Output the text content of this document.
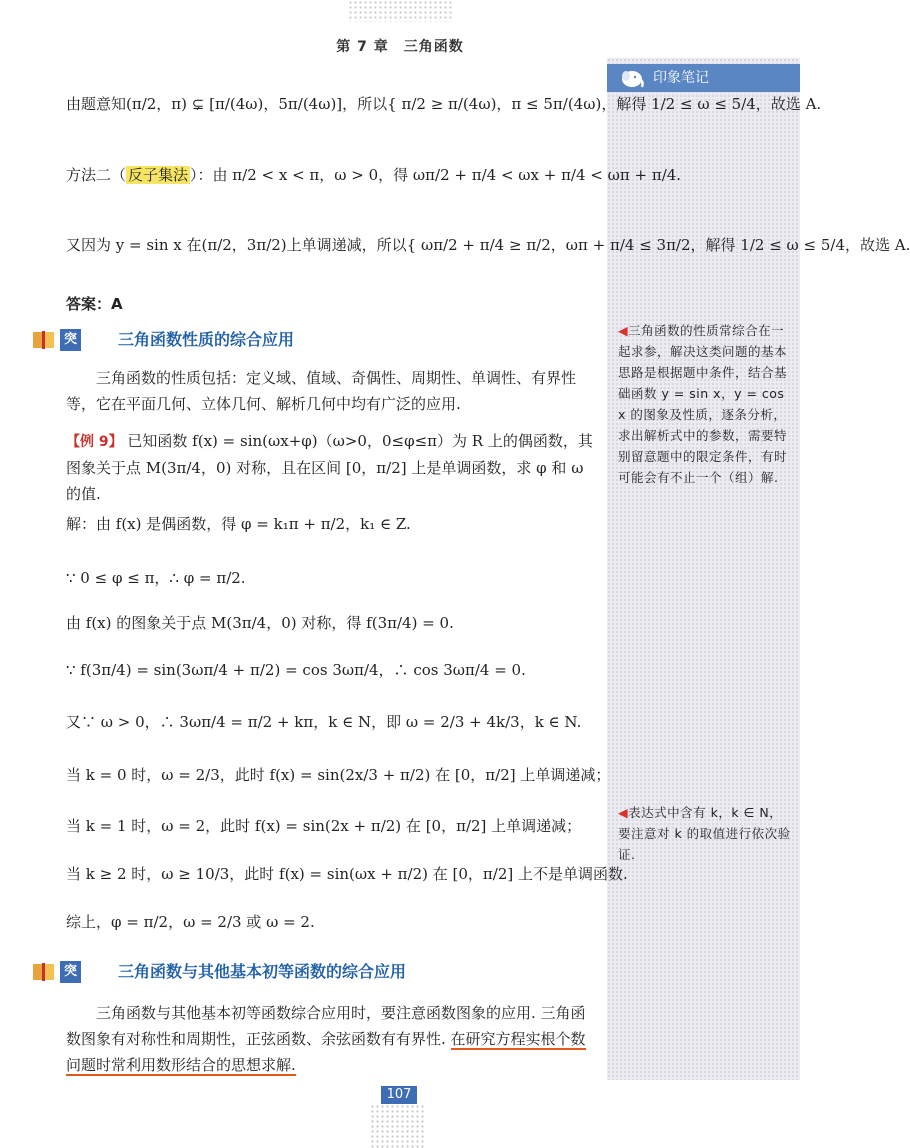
第 7 章　三角函数
印象笔记
◀三角函数的性质常综合在一起求参，解决这类问题的基本思路是根据题中条件，结合基础函数 y = sin x，y = cos x 的图象及性质，逐条分析，求出解析式中的参数，需要特别留意题中的限定条件，有时可能会有不止一个（组）解.
◀表达式中含有 k，k ∈ N，要注意对 k 的取值进行依次验证.
由题意知(π/2，π) ⊊ [π/(4ω)，5π/(4ω)]，所以{ π/2 ≥ π/(4ω)，π ≤ 5π/(4ω)，解得 1/2 ≤ ω ≤ 5/4，故选 A.
方法二（ 反子集法 ）：由 π/2 < x < π，ω > 0，得 ωπ/2 + π/4 < ωx + π/4 < ωπ + π/4.
又因为 y = sin x 在(π/2，3π/2)上单调递减，所以{ ωπ/2 + π/4 ≥ π/2，ωπ + π/4 ≤ 3π/2，解得 1/2 ≤ ω ≤ 5/4，故选 A.
答案：A
突破2
三角函数性质的综合应用
三角函数的性质包括：定义域、值域、奇偶性、周期性、单调性、有界性等，它在平面几何、立体几何、解析几何中均有广泛的应用.
【例 9】 已知函数 f(x) = sin(ωx+φ)（ω>0，0≤φ≤π）为 R 上的偶函数，其图象关于点 M(3π/4，0) 对称，且在区间 [0，π/2] 上是单调函数，求 φ 和 ω 的值.
解：由 f(x) 是偶函数，得 φ = k₁π + π/2，k₁ ∈ Z.
∵ 0 ≤ φ ≤ π，∴ φ = π/2.
由 f(x) 的图象关于点 M(3π/4，0) 对称，得 f(3π/4) = 0.
∵ f(3π/4) = sin(3ωπ/4 + π/2) = cos 3ωπ/4，∴ cos 3ωπ/4 = 0.
又∵ ω > 0，∴ 3ωπ/4 = π/2 + kπ，k ∈ N，即 ω = 2/3 + 4k/3，k ∈ N.
当 k = 0 时，ω = 2/3，此时 f(x) = sin(2x/3 + π/2) 在 [0，π/2] 上单调递减；
当 k = 1 时，ω = 2，此时 f(x) = sin(2x + π/2) 在 [0，π/2] 上单调递减；
当 k ≥ 2 时，ω ≥ 10/3，此时 f(x) = sin(ωx + π/2) 在 [0，π/2] 上不是单调函数.
综上，φ = π/2，ω = 2/3 或 ω = 2.
突破3
三角函数与其他基本初等函数的综合应用
三角函数与其他基本初等函数综合应用时，要注意函数图象的应用. 三角函数图象有对称性和周期性，正弦函数、余弦函数有有界性. 在研究方程实根个数问题时常利用数形结合的思想求解.
107
